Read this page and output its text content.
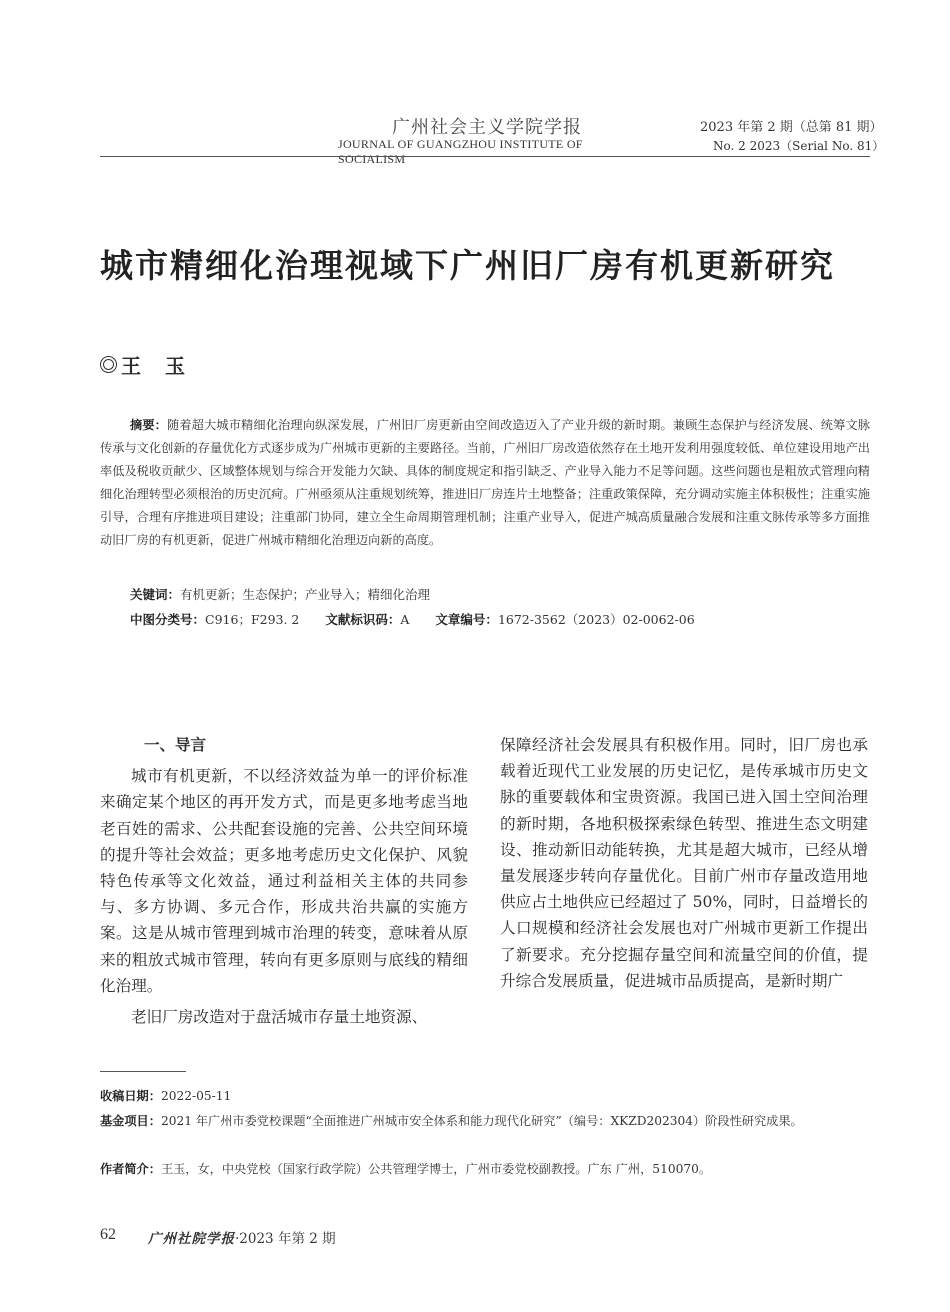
广州社会主义学院学报
JOURNAL OF GUANGZHOU INSTITUTE OF SOCIALISM
2023 年第 2 期（总第 81 期）
No. 2 2023（Serial No. 81）
城市精细化治理视域下广州旧厂房有机更新研究
王玉
摘要：随着超大城市精细化治理向纵深发展，广州旧厂房更新由空间改造迈入了产业升级的新时期。兼顾生态保护与经济发展、统筹文脉传承与文化创新的存量优化方式逐步成为广州城市更新的主要路径。当前，广州旧厂房改造依然存在土地开发利用强度较低、单位建设用地产出率低及税收贡献少、区域整体规划与综合开发能力欠缺、具体的制度规定和指引缺乏、产业导入能力不足等问题。这些问题也是粗放式管理向精细化治理转型必须根治的历史沉疴。广州亟须从注重规划统筹，推进旧厂房连片土地整备；注重政策保障，充分调动实施主体积极性；注重实施引导，合理有序推进项目建设；注重部门协同，建立全生命周期管理机制；注重产业导入，促进产城高质量融合发展和注重文脉传承等多方面推动旧厂房的有机更新，促进广州城市精细化治理迈向新的高度。
关键词：有机更新；生态保护；产业导入；精细化治理
中图分类号：C916；F293. 2 文献标识码：A 文章编号：1672-3562（2023）02-0062-06

一、导言

城市有机更新，不以经济效益为单一的评价标准来确定某个地区的再开发方式，而是更多地考虑当地老百姓的需求、公共配套设施的完善、公共空间环境的提升等社会效益；更多地考虑历史文化保护、风貌特色传承等文化效益，通过利益相关主体的共同参与、多方协调、多元合作，形成共治共赢的实施方案。这是从城市管理到城市治理的转变，意味着从原来的粗放式城市管理，转向有更多原则与底线的精细化治理。

老旧厂房改造对于盘活城市存量土地资源、

保障经济社会发展具有积极作用。同时，旧厂房也承载着近现代工业发展的历史记忆，是传承城市历史文脉的重要载体和宝贵资源。我国已进入国土空间治理的新时期，各地积极探索绿色转型、推进生态文明建设、推动新旧动能转换，尤其是超大城市，已经从增量发展逐步转向存量优化。目前广州市存量改造用地供应占土地供应已经超过了 50%，同时，日益增长的人口规模和经济社会发展也对广州城市更新工作提出了新要求。充分挖掘存量空间和流量空间的价值，提升综合发展质量，促进城市品质提高，是新时期广

收稿日期：2022-05-11
基金项目：2021 年广州市委党校课题“全面推进广州城市安全体系和能力现代化研究”（编号：XKZD202304）阶段性研究成果。
作者简介：王玉，女，中央党校（国家行政学院）公共管理学博士，广州市委党校副教授。广东 广州，510070。
62 广州社院学报·2023 年第 2 期
